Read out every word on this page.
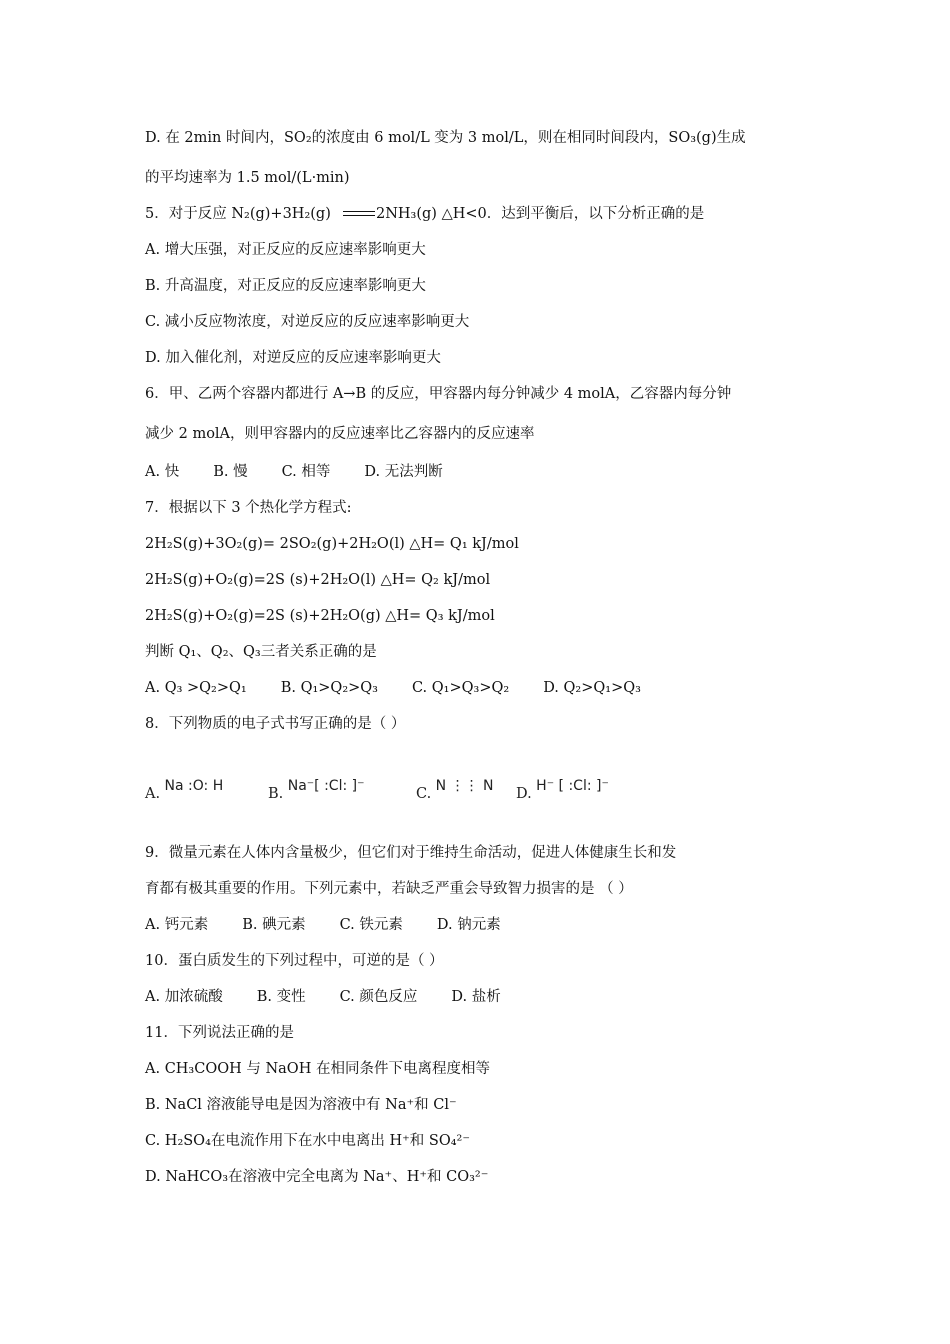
D. 在 2min 时间内，SO₂的浓度由 6 mol/L 变为 3 mol/L，则在相同时间段内，SO₃(g)生成
的平均速率为 1.5 mol/(L·min)
5．对于反应 N₂(g)+3H₂(g)	2NH₃(g) △H<0．达到平衡后，以下分析正确的是
A. 增大压强，对正反应的反应速率影响更大
B. 升高温度，对正反应的反应速率影响更大
C. 减小反应物浓度，对逆反应的反应速率影响更大
D. 加入催化剂，对逆反应的反应速率影响更大
6．甲、乙两个容器内都进行 A→B 的反应，甲容器内每分钟减少 4 molA，乙容器内每分钟
减少 2 molA，则甲容器内的反应速率比乙容器内的反应速率
7．根据以下 3 个热化学方程式:
2H₂S(g)+3O₂(g)= 2SO₂(g)+2H₂O(l) △H= Q₁ kJ/mol
2H₂S(g)+O₂(g)=2S (s)+2H₂O(l) △H= Q₂ kJ/mol
2H₂S(g)+O₂(g)=2S (s)+2H₂O(g) △H= Q₃ kJ/mol
判断 Q₁、Q₂、Q₃三者关系正确的是
8．下列物质的电子式书写正确的是（ ）
9．微量元素在人体内含量极少，但它们对于维持生命活动，促进人体健康生长和发
育都有极其重要的作用。下列元素中，若缺乏严重会导致智力损害的是 （ ）
10．蛋白质发生的下列过程中，可逆的是（ ）
11．下列说法正确的是
A. CH₃COOH 与 NaOH 在相同条件下电离程度相等
B. NaCl 溶液能导电是因为溶液中有 Na⁺和 Cl⁻
C. H₂SO₄在电流作用下在水中电离出 H⁺和 SO₄²⁻
D. NaHCO₃在溶液中完全电离为 Na⁺、H⁺和 CO₃²⁻
A. 快 B. 慢 C. 相等 D. 无法判断
A. Q₃ >Q₂>Q₁ B. Q₁>Q₂>Q₃ C. Q₁>Q₃>Q₂ D. Q₂>Q₁>Q₃
A. 钙元素 B. 碘元素 C. 铁元素 D. 钠元素
A. 加浓硫酸 B. 变性 C. 颜色反应 D. 盐析
A. Na :O: H	B. Na⁻[ :Cl: ]⁻	C. N ⋮⋮ N D. H⁻ [ :Cl: ]⁻
